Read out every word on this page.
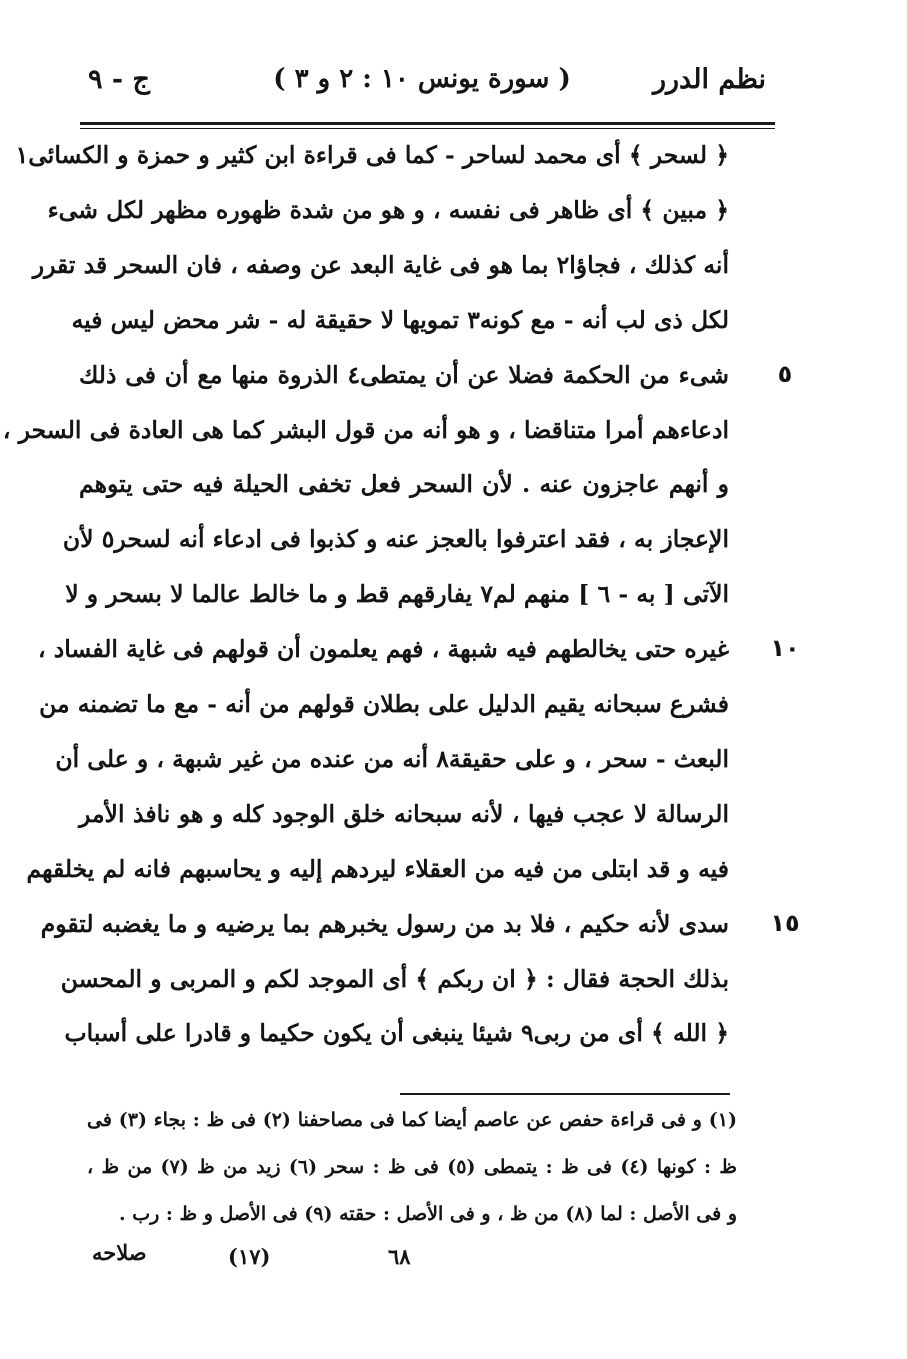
نظم الدرر
( سورة يونس ١٠ : ٢ و ٣ )
ج - ٩
﴿ لسحر ﴾ أى محمد لساحر - كما فى قراءة ابن كثير و حمزة و الكسائى١
﴿ مبين ﴾ أى ظاهر فى نفسه ، و هو من شدة ظهوره مظهر لكل شىء
أنه كذلك ، فجاؤا٢ بما هو فى غاية البعد عن وصفه ، فان السحر قد تقرر
لكل ذى لب أنه - مع كونه٣ تمويها لا حقيقة له - شر محض ليس فيه
شىء من الحكمة فضلا عن أن يمتطى٤ الذروة منها مع أن فى ذلك	٥
ادعاءهم أمرا متناقضا ، و هو أنه من قول البشر كما هى العادة فى السحر ،
و أنهم عاجزون عنه . لأن السحر فعل تخفى الحيلة فيه حتى يتوهم
الإعجاز به ، فقد اعترفوا بالعجز عنه و كذبوا فى ادعاء أنه لسحر٥ لأن
الآتى [ به - ٦ ] منهم لم٧ يفارقهم قط و ما خالط عالما لا بسحر و لا
غيره حتى يخالطهم فيه شبهة ، فهم يعلمون أن قولهم فى غاية الفساد ، ١٠
فشرع سبحانه يقيم الدليل على بطلان قولهم من أنه - مع ما تضمنه من
البعث - سحر ، و على حقيقة٨ أنه من عنده من غير شبهة ، و على أن
الرسالة لا عجب فيها ، لأنه سبحانه خلق الوجود كله و هو نافذ الأمر
فيه و قد ابتلى من فيه من العقلاء ليردهم إليه و يحاسبهم فانه لم يخلقهم
سدى لأنه حكيم ، فلا بد من رسول يخبرهم بما يرضيه و ما يغضبه لتقوم ١٥
بذلك الحجة فقال : ﴿ ان ربكم ﴾ أى الموجد لكم و المربى و المحسن
﴿ الله ﴾ أى من ربى٩ شيئا ينبغى أن يكون حكيما و قادرا على أسباب
(١) و فى قراءة حفص عن عاصم أيضا كما فى مصاحفنا (٢) فى ظ : بجاء (٣) فى
ظ : كونها (٤) فى ظ : يتمطى (٥) فى ظ : سحر (٦) زيد من ظ (٧) من ظ ،
و فى الأصل : لما (٨) من ظ ، و فى الأصل : حقته (٩) فى الأصل و ظ : رب .
صلاحه	(١٧)	٦٨
